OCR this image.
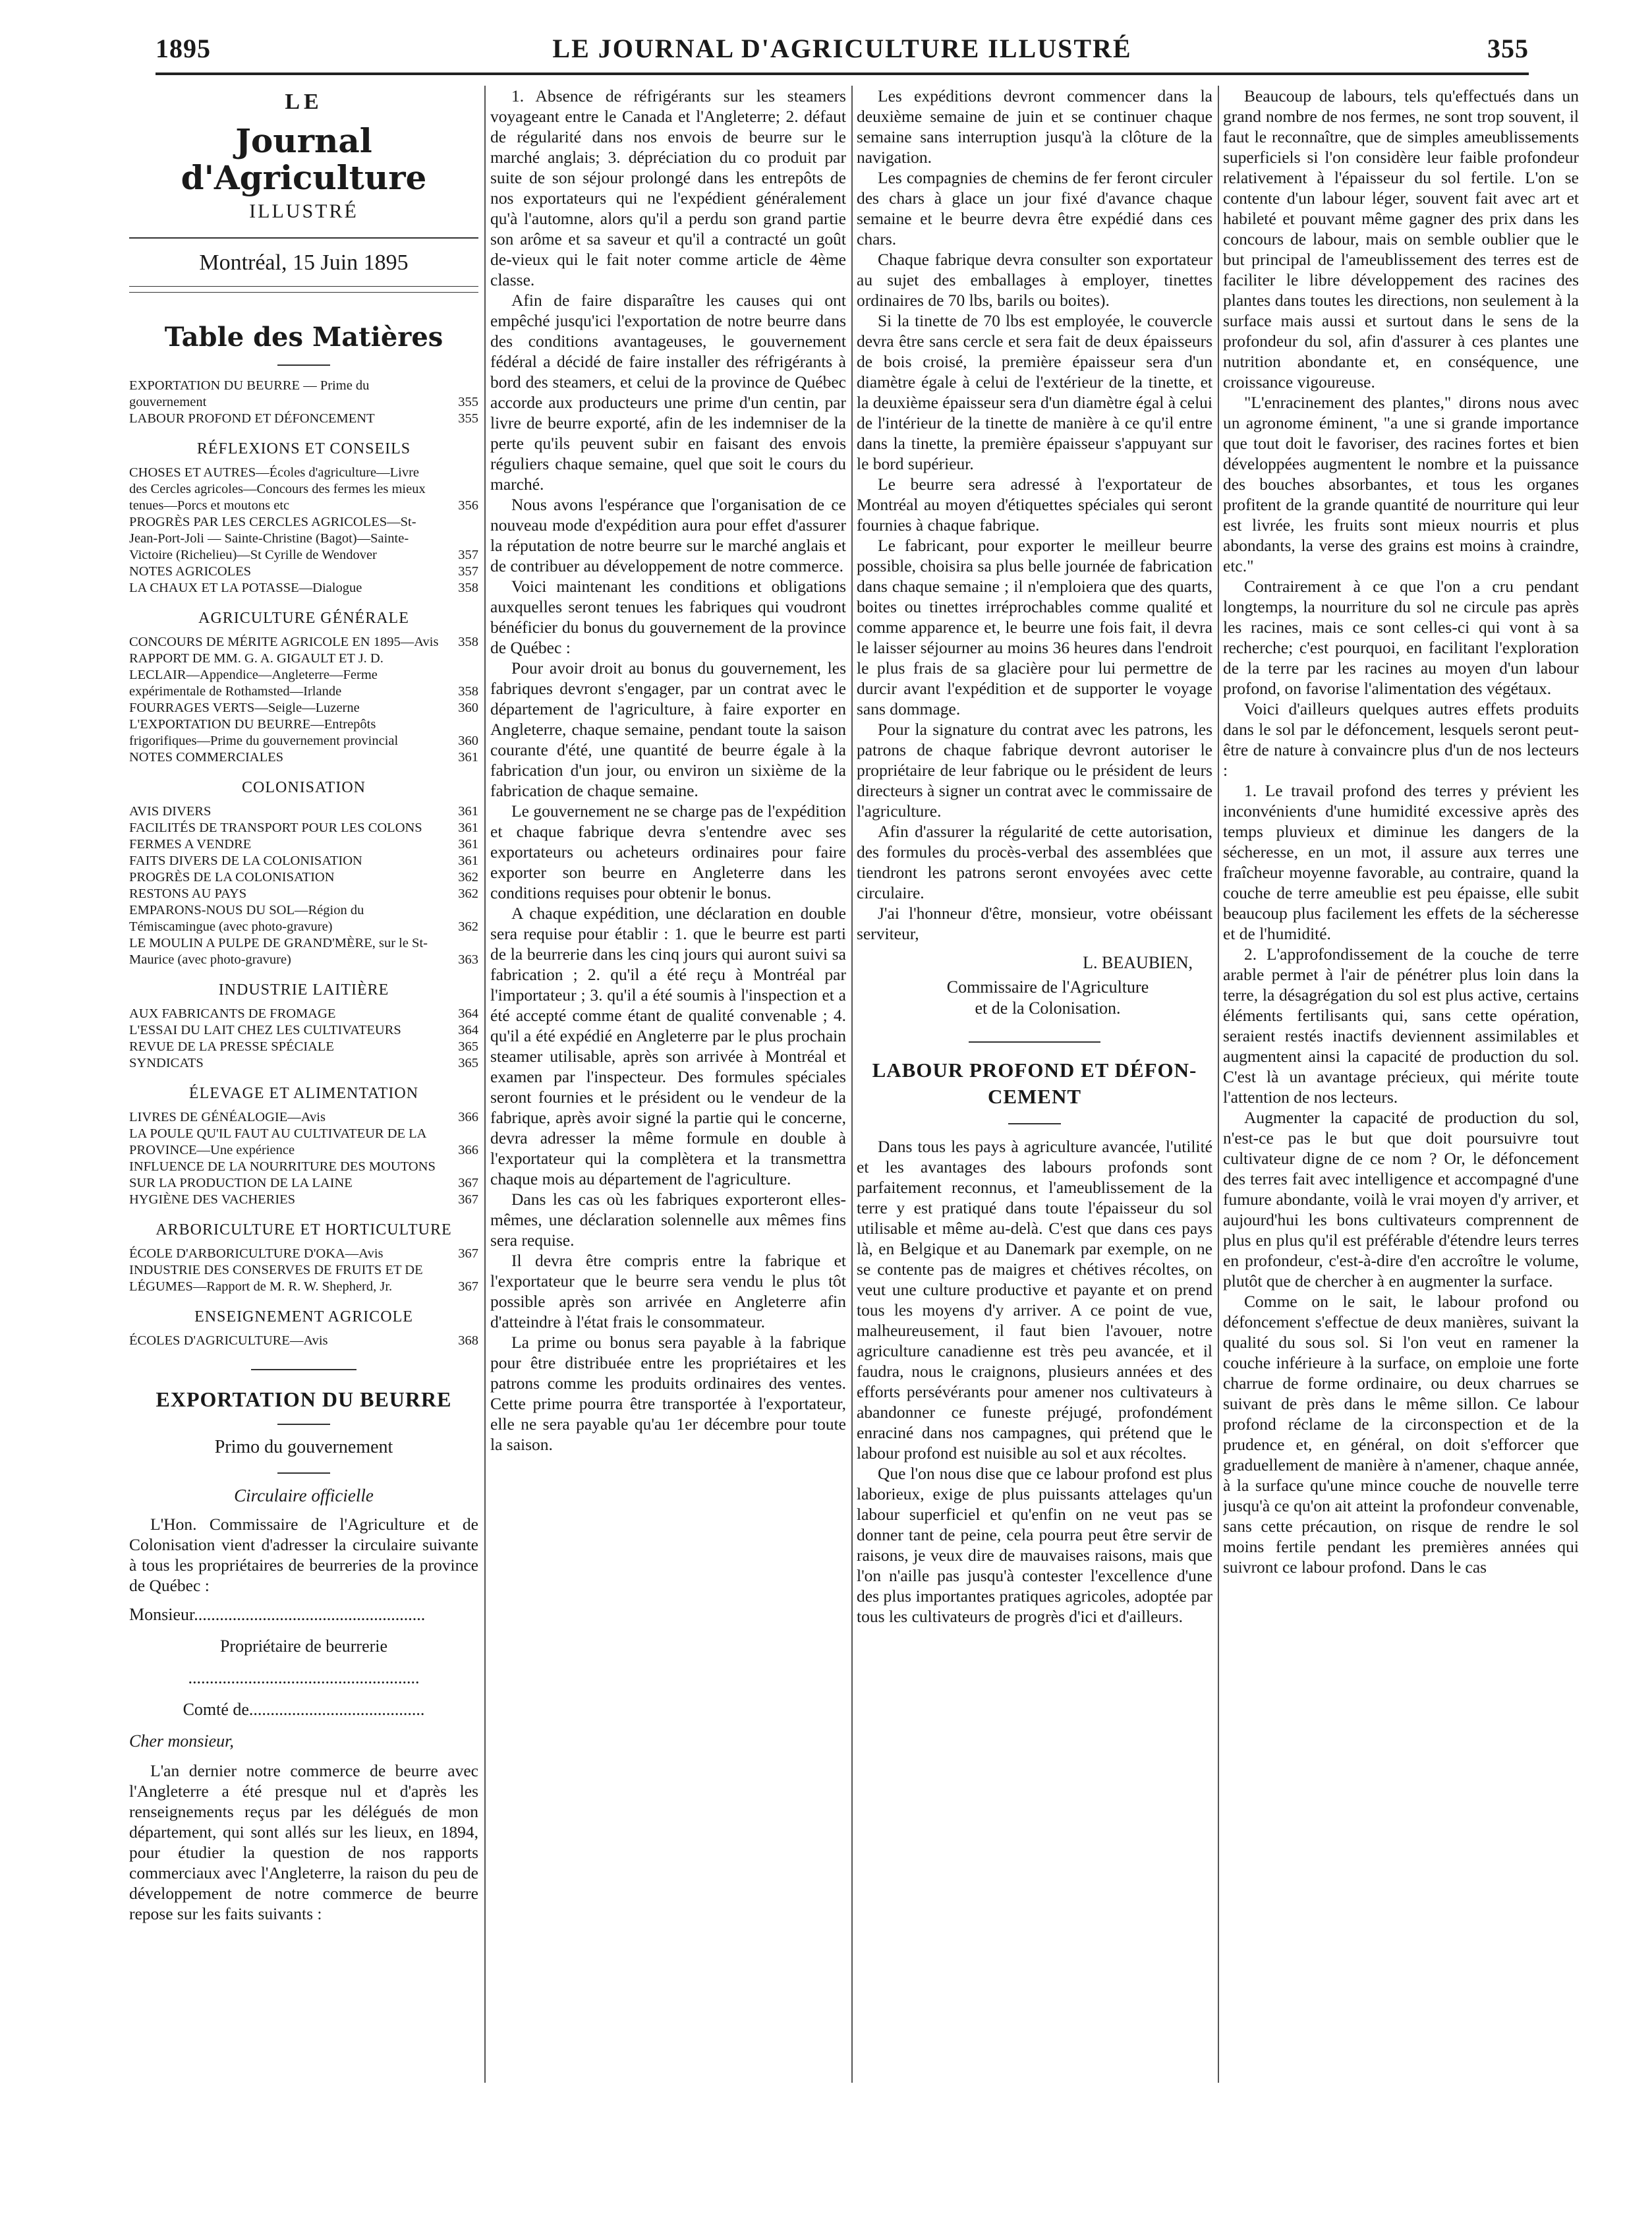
LE JOURNAL D'AGRICULTURE ILLUSTRÉ
1895	355
LE
Journal d'Agriculture
ILLUSTRÉ
Montréal, 15 Juin 1895
Table des Matières
EXPORTATION DU BEURRE — Prime du gouvernement	355
LABOUR PROFOND ET DÉFONCEMENT	355
RÉFLEXIONS ET CONSEILS
CHOSES ET AUTRES—Écoles d'agriculture—Livre des Cercles agricoles—Concours des fermes les mieux tenues—Porcs et moutons etc	356
PROGRÈS PAR LES CERCLES AGRICOLES—St-Jean-Port-Joli — Sainte-Christine (Bagot)—Sainte-Victoire (Richelieu)—St Cyrille de Wendover	357
NOTES AGRICOLES	357
LA CHAUX ET LA POTASSE—Dialogue	358
AGRICULTURE GÉNÉRALE
CONCOURS DE MÉRITE AGRICOLE EN 1895—Avis	358
RAPPORT DE MM. G. A. GIGAULT ET J. D. LECLAIR—Appendice—Angleterre—Ferme expérimentale de Rothamsted—Irlande	358
FOURRAGES VERTS—Seigle—Luzerne	360
L'EXPORTATION DU BEURRE—Entrepôts frigorifiques—Prime du gouvernement provincial	360
NOTES COMMERCIALES	361
COLONISATION
AVIS DIVERS	361
FACILITÉS DE TRANSPORT POUR LES COLONS	361
FERMES A VENDRE	361
FAITS DIVERS DE LA COLONISATION	361
PROGRÈS DE LA COLONISATION	362
RESTONS AU PAYS	362
EMPARONS-NOUS DU SOL—Région du Témiscamingue (avec photo-gravure)	362
LE MOULIN A PULPE DE GRAND'MÈRE, sur le St-Maurice (avec photo-gravure)	363
INDUSTRIE LAITIÈRE
AUX FABRICANTS DE FROMAGE	364
L'ESSAI DU LAIT CHEZ LES CULTIVATEURS	364
REVUE DE LA PRESSE SPÉCIALE	365
SYNDICATS	365
ÉLEVAGE ET ALIMENTATION
LIVRES DE GÉNÉALOGIE—Avis	366
LA POULE QU'IL FAUT AU CULTIVATEUR DE LA PROVINCE—Une expérience	366
INFLUENCE DE LA NOURRITURE DES MOUTONS SUR LA PRODUCTION DE LA LAINE	367
HYGIÈNE DES VACHERIES	367
ARBORICULTURE ET HORTICULTURE
ÉCOLE D'ARBORICULTURE D'OKA—Avis	367
INDUSTRIE DES CONSERVES DE FRUITS ET DE LÉGUMES—Rapport de M. R. W. Shepherd, Jr.	367
ENSEIGNEMENT AGRICOLE
ÉCOLES D'AGRICULTURE—Avis	368
EXPORTATION DU BEURRE
Primo du gouvernement
Circulaire officielle

L'Hon. Commissaire de l'Agriculture et de Colonisation vient d'adresser la circulaire suivante à tous les propriétaires de beurreries de la province de Québec :

Monsieur......................................................
Propriétaire de beurrerie
......................................................
Comté de.........................................
Cher monsieur,

L'an dernier notre commerce de beurre avec l'Angleterre a été presque nul et d'après les renseignements reçus par les délégués de mon département, qui sont allés sur les lieux, en 1894, pour étudier la question de nos rapports commerciaux avec l'Angleterre, la raison du peu de développement de notre commerce de beurre repose sur les faits suivants :

1. Absence de réfrigérants sur les steamers voyageant entre le Canada et l'Angleterre; 2. défaut de régularité dans nos envois de beurre sur le marché anglais; 3. dépréciation du co produit par suite de son séjour prolongé dans les entrepôts de nos exportateurs qui ne l'expédient généralement qu'à l'automne, alors qu'il a perdu son grand partie son arôme et sa saveur et qu'il a contracté un goût de-vieux qui le fait noter comme article de 4ème classe.

Afin de faire disparaître les causes qui ont empêché jusqu'ici l'exportation de notre beurre dans des conditions avantageuses, le gouvernement fédéral a décidé de faire installer des réfrigérants à bord des steamers, et celui de la province de Québec accorde aux producteurs une prime d'un centin, par livre de beurre exporté, afin de les indemniser de la perte qu'ils peuvent subir en faisant des envois réguliers chaque semaine, quel que soit le cours du marché.

Nous avons l'espérance que l'organisation de ce nouveau mode d'expédition aura pour effet d'assurer la réputation de notre beurre sur le marché anglais et de contribuer au développement de notre commerce.

Voici maintenant les conditions et obligations auxquelles seront tenues les fabriques qui voudront bénéficier du bonus du gouvernement de la province de Québec :

Pour avoir droit au bonus du gouvernement, les fabriques devront s'engager, par un contrat avec le département de l'agriculture, à faire exporter en Angleterre, chaque semaine, pendant toute la saison courante d'été, une quantité de beurre égale à la fabrication d'un jour, ou environ un sixième de la fabrication de chaque semaine.

Le gouvernement ne se charge pas de l'expédition et chaque fabrique devra s'entendre avec ses exportateurs ou acheteurs ordinaires pour faire exporter son beurre en Angleterre dans les conditions requises pour obtenir le bonus.

A chaque expédition, une déclaration en double sera requise pour établir : 1. que le beurre est parti de la beurrerie dans les cinq jours qui auront suivi sa fabrication ; 2. qu'il a été reçu à Montréal par l'importateur ; 3. qu'il a été soumis à l'inspection et a été accepté comme étant de qualité convenable ; 4. qu'il a été expédié en Angleterre par le plus prochain steamer utilisable, après son arrivée à Montréal et examen par l'inspecteur. Des formules spéciales seront fournies et le président ou le vendeur de la fabrique, après avoir signé la partie qui le concerne, devra adresser la même formule en double à l'exportateur qui la complètera et la transmettra chaque mois au département de l'agriculture.

Dans les cas où les fabriques exporteront elles-mêmes, une déclaration solennelle aux mêmes fins sera requise.

Il devra être compris entre la fabrique et l'exportateur que le beurre sera vendu le plus tôt possible après son arrivée en Angleterre afin d'atteindre à l'état frais le consommateur.

La prime ou bonus sera payable à la fabrique pour être distribuée entre les propriétaires et les patrons comme les produits ordinaires des ventes. Cette prime pourra être transportée à l'exportateur, elle ne sera payable qu'au 1er décembre pour toute la saison.

Les expéditions devront commencer dans la deuxième semaine de juin et se continuer chaque semaine sans interruption jusqu'à la clôture de la navigation.

Les compagnies de chemins de fer feront circuler des chars à glace un jour fixé d'avance chaque semaine et le beurre devra être expédié dans ces chars.

Chaque fabrique devra consulter son exportateur au sujet des emballages à employer, tinettes ordinaires de 70 lbs, barils ou boites).

Si la tinette de 70 lbs est employée, le couvercle devra être sans cercle et sera fait de deux épaisseurs de bois croisé, la première épaisseur sera d'un diamètre égale à celui de l'extérieur de la tinette, et la deuxième épaisseur sera d'un diamètre égal à celui de l'intérieur de la tinette de manière à ce qu'il entre dans la tinette, la première épaisseur s'appuyant sur le bord supérieur.

Le beurre sera adressé à l'exportateur de Montréal au moyen d'étiquettes spéciales qui seront fournies à chaque fabrique.

Le fabricant, pour exporter le meilleur beurre possible, choisira sa plus belle journée de fabrication dans chaque semaine ; il n'emploiera que des quarts, boites ou tinettes irréprochables comme qualité et comme apparence et, le beurre une fois fait, il devra le laisser séjourner au moins 36 heures dans l'endroit le plus frais de sa glacière pour lui permettre de durcir avant l'expédition et de supporter le voyage sans dommage.

Pour la signature du contrat avec les patrons, les patrons de chaque fabrique devront autoriser le propriétaire de leur fabrique ou le président de leurs directeurs à signer un contrat avec le commissaire de l'agriculture.

Afin d'assurer la régularité de cette autorisation, des formules du procès-verbal des assemblées que tiendront les patrons seront envoyées avec cette circulaire.

J'ai l'honneur d'être, monsieur, votre obéissant serviteur,

L. BEAUBIEN,
Commissaire de l'Agriculture
et de la Colonisation.
LABOUR PROFOND ET DÉFON-
CEMENT

Dans tous les pays à agriculture avancée, l'utilité et les avantages des labours profonds sont parfaitement reconnus, et l'ameublissement de la terre y est pratiqué dans toute l'épaisseur du sol utilisable et même au-delà. C'est que dans ces pays là, en Belgique et au Danemark par exemple, on ne se contente pas de maigres et chétives récoltes, on veut une culture productive et payante et on prend tous les moyens d'y arriver. A ce point de vue, malheureusement, il faut bien l'avouer, notre agriculture canadienne est très peu avancée, et il faudra, nous le craignons, plusieurs années et des efforts persévérants pour amener nos cultivateurs à abandonner ce funeste préjugé, profondément enraciné dans nos campagnes, qui prétend que le labour profond est nuisible au sol et aux récoltes.

Que l'on nous dise que ce labour profond est plus laborieux, exige de plus puissants attelages qu'un labour superficiel et qu'enfin on ne veut pas se donner tant de peine, cela pourra peut être servir de raisons, je veux dire de mauvaises raisons, mais que l'on n'aille pas jusqu'à contester l'excellence d'une des plus importantes pratiques agricoles, adoptée par tous les cultivateurs de progrès d'ici et d'ailleurs.

Beaucoup de labours, tels qu'effectués dans un grand nombre de nos fermes, ne sont trop souvent, il faut le reconnaître, que de simples ameublissements superficiels si l'on considère leur faible profondeur relativement à l'épaisseur du sol fertile. L'on se contente d'un labour léger, souvent fait avec art et habileté et pouvant même gagner des prix dans les concours de labour, mais on semble oublier que le but principal de l'ameublissement des terres est de faciliter le libre développement des racines des plantes dans toutes les directions, non seulement à la surface mais aussi et surtout dans le sens de la profondeur du sol, afin d'assurer à ces plantes une nutrition abondante et, en conséquence, une croissance vigoureuse.

"L'enracinement des plantes," dirons nous avec un agronome éminent, "a une si grande importance que tout doit le favoriser, des racines fortes et bien développées augmentent le nombre et la puissance des bouches absorbantes, et tous les organes profitent de la grande quantité de nourriture qui leur est livrée, les fruits sont mieux nourris et plus abondants, la verse des grains est moins à craindre, etc."

Contrairement à ce que l'on a cru pendant longtemps, la nourriture du sol ne circule pas après les racines, mais ce sont celles-ci qui vont à sa recherche; c'est pourquoi, en facilitant l'exploration de la terre par les racines au moyen d'un labour profond, on favorise l'alimentation des végétaux.

Voici d'ailleurs quelques autres effets produits dans le sol par le défoncement, lesquels seront peut-être de nature à convaincre plus d'un de nos lecteurs :

1. Le travail profond des terres y prévient les inconvénients d'une humidité excessive après des temps pluvieux et diminue les dangers de la sécheresse, en un mot, il assure aux terres une fraîcheur moyenne favorable, au contraire, quand la couche de terre ameublie est peu épaisse, elle subit beaucoup plus facilement les effets de la sécheresse et de l'humidité.

2. L'approfondissement de la couche de terre arable permet à l'air de pénétrer plus loin dans la terre, la désagrégation du sol est plus active, certains éléments fertilisants qui, sans cette opération, seraient restés inactifs deviennent assimilables et augmentent ainsi la capacité de production du sol. C'est là un avantage précieux, qui mérite toute l'attention de nos lecteurs.

Augmenter la capacité de production du sol, n'est-ce pas le but que doit poursuivre tout cultivateur digne de ce nom ? Or, le défoncement des terres fait avec intelligence et accompagné d'une fumure abondante, voilà le vrai moyen d'y arriver, et aujourd'hui les bons cultivateurs comprennent de plus en plus qu'il est préférable d'étendre leurs terres en profondeur, c'est-à-dire d'en accroître le volume, plutôt que de chercher à en augmenter la surface.

Comme on le sait, le labour profond ou défoncement s'effectue de deux manières, suivant la qualité du sous sol. Si l'on veut en ramener la couche inférieure à la surface, on emploie une forte charrue de forme ordinaire, ou deux charrues se suivant de près dans le même sillon. Ce labour profond réclame de la circonspection et de la prudence et, en général, on doit s'efforcer que graduellement de manière à n'amener, chaque année, à la surface qu'une mince couche de nouvelle terre jusqu'à ce qu'on ait atteint la profondeur convenable, sans cette précaution, on risque de rendre le sol moins fertile pendant les premières années qui suivront ce labour profond. Dans le cas
